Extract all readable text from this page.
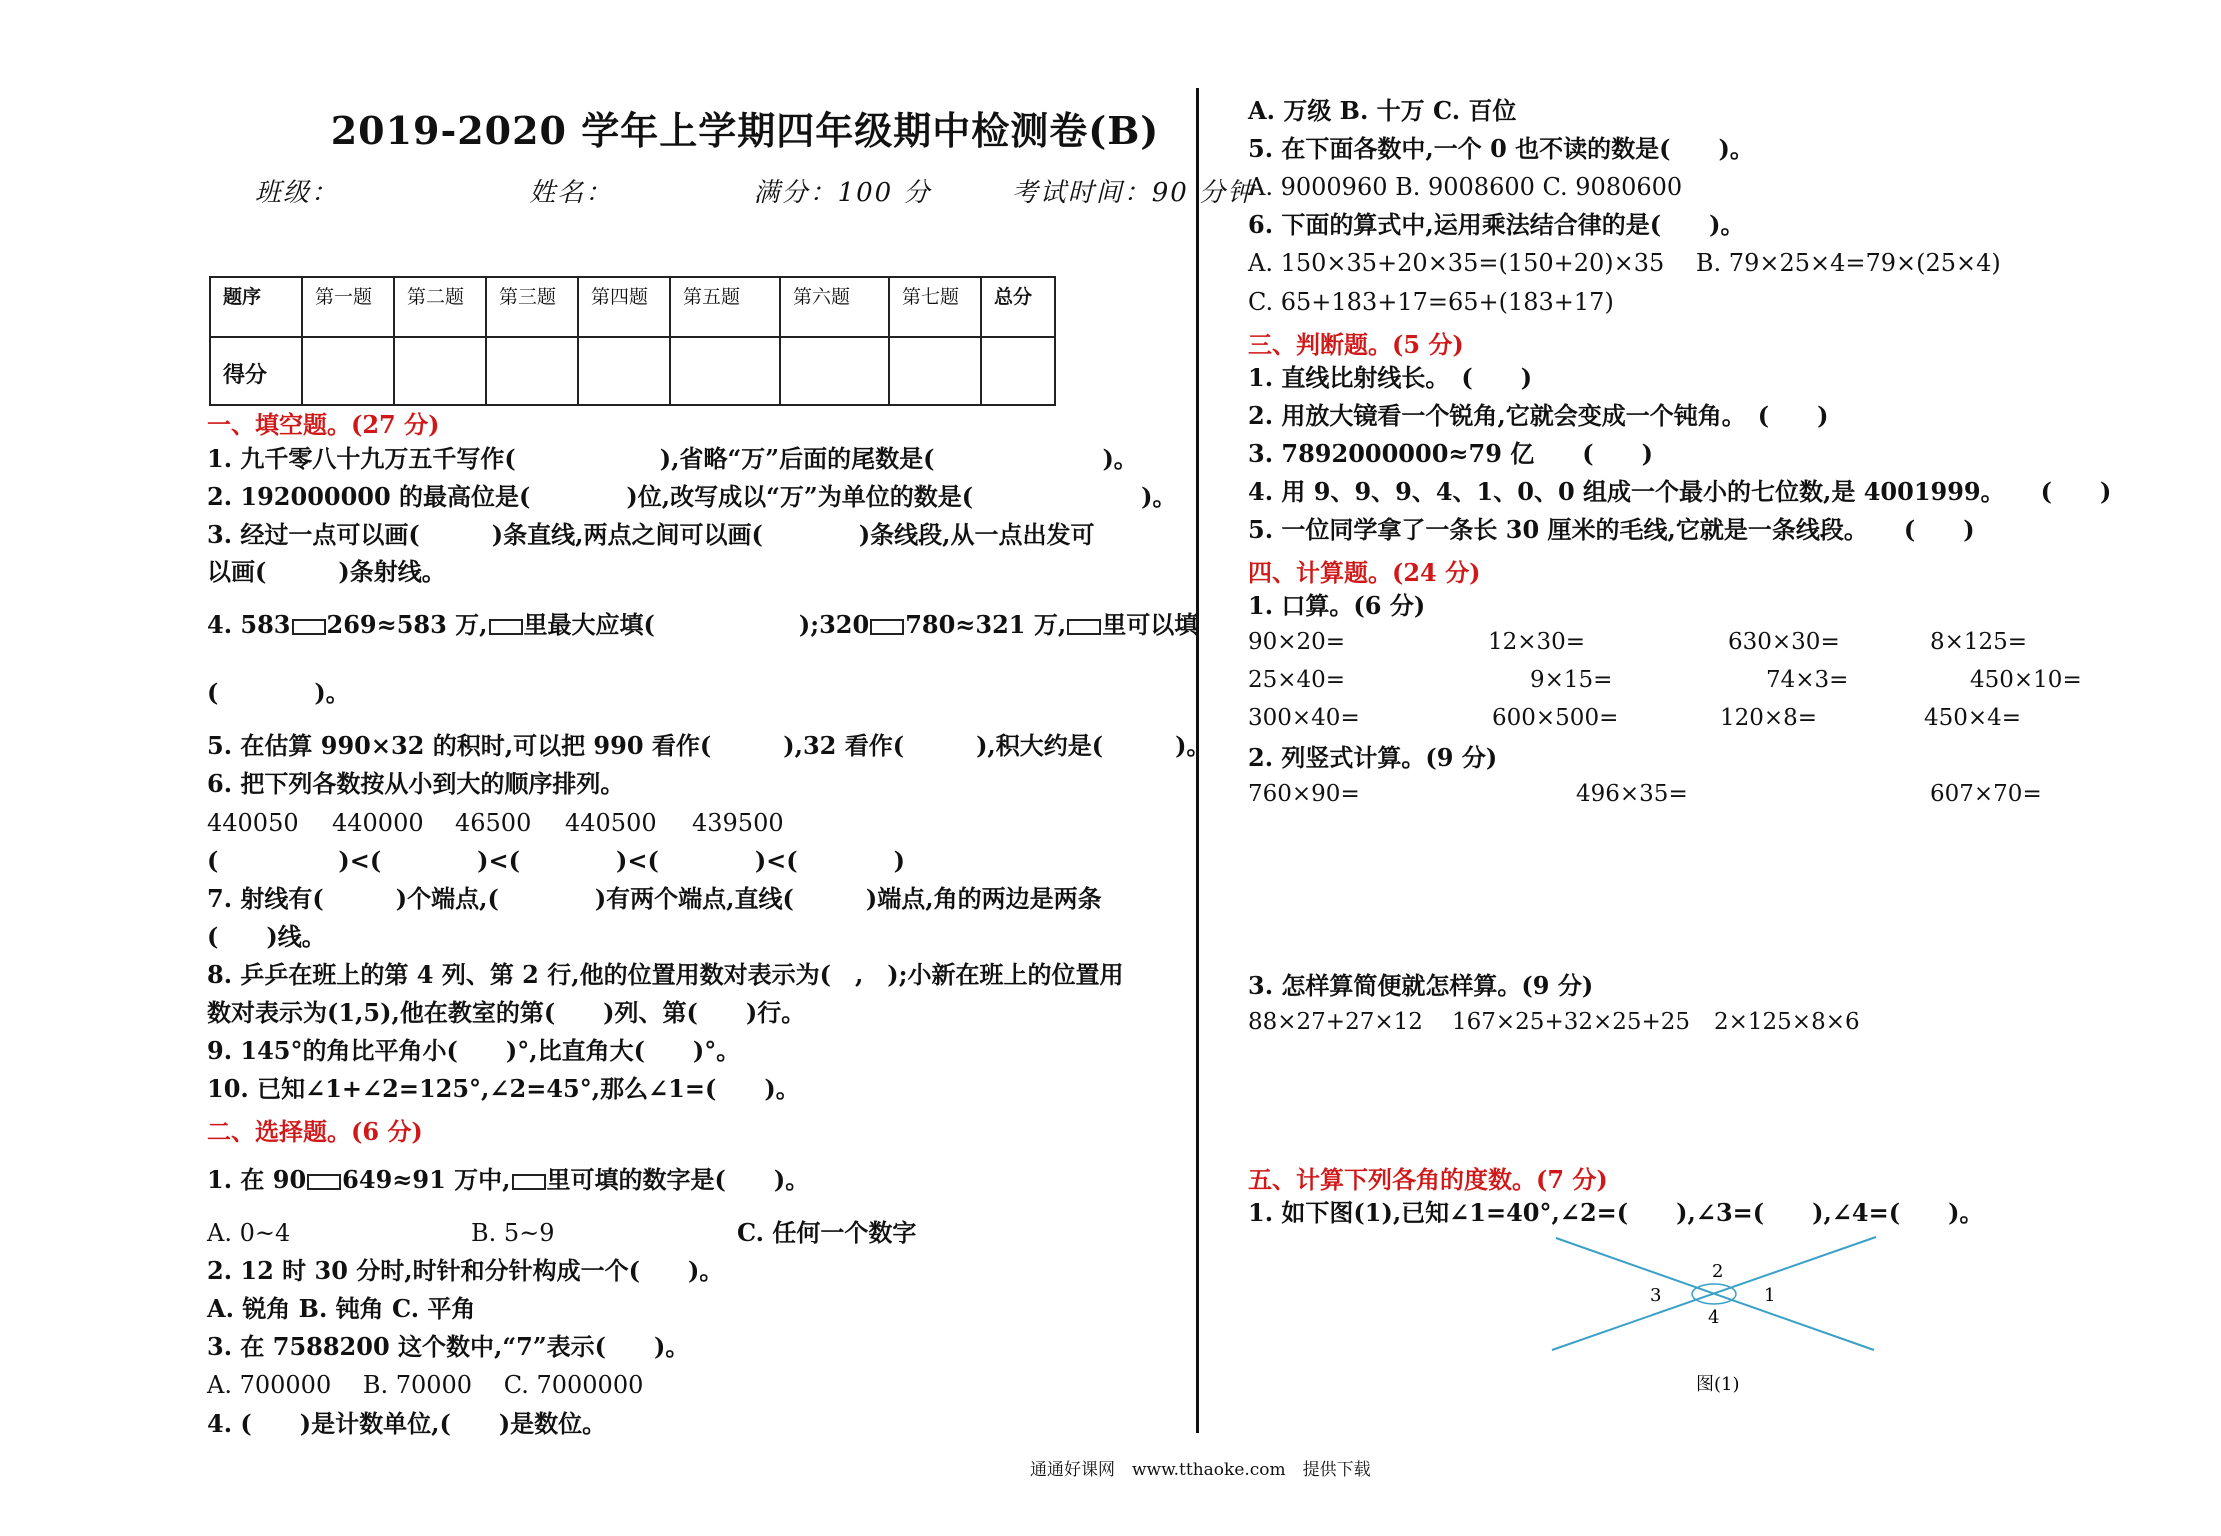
2019-2020 学年上学期四年级期中检测卷(B)
班级：	姓名：	满分：100 分	考试时间：90 分钟
题序	第一题	第二题	第三题	第四题	第五题	第六题	第七题	总分
得分								
一、填空题。(27 分)
1. 九千零八十九万五千写作(　　　　　　),省略“万”后面的尾数是(　　　　　　　)。
2. 192000000 的最高位是(　　　　)位,改写成以“万”为单位的数是(　　　　　　　)。
3. 经过一点可以画(　　　)条直线,两点之间可以画(　　　　)条线段,从一点出发可
以画(　　　)条射线。
4. 583 269≈583 万, 里最大应填(　　　　　　);320 780≈321 万, 里可以填
(　　　　)。
5. 在估算 990×32 的积时,可以把 990 看作(　　　),32 看作(　　　),积大约是(　　　)。
6. 把下列各数按从小到大的顺序排列。
440050 440000 46500 440500 439500
(　　　　　)<(　　　　)<(　　　　)<(　　　　)<(　　　　)
7. 射线有(　　　)个端点,(　　　　)有两个端点,直线(　　　)端点,角的两边是两条
(　　)线。
8. 乒乒在班上的第 4 列、第 2 行,他的位置用数对表示为(　,　);小新在班上的位置用
数对表示为(1,5),他在教室的第(　　)列、第(　　)行。
9. 145°的角比平角小(　　)°,比直角大(　　)°。
10. 已知∠1+∠2=125°,∠2=45°,那么∠1=(　　)。
二、选择题。(6 分)
1. 在 90 649≈91 万中, 里可填的数字是(　　)。
A. 0~4	B. 5~9	C. 任何一个数字
2. 12 时 30 分时,时针和分针构成一个(　　)。
A. 锐角 B. 钝角 C. 平角
3. 在 7588200 这个数中,“7”表示(　　)。
A. 700000　 B. 70000　 C. 7000000
4. (　　)是计数单位,(　　)是数位。
A. 万级 B. 十万 C. 百位
5. 在下面各数中,一个 0 也不读的数是(　　)。
A. 9000960 B. 9008600 C. 9080600
6. 下面的算式中,运用乘法结合律的是(　　)。
A. 150×35+20×35=(150+20)×35　 B. 79×25×4=79×(25×4)
C. 65+183+17=65+(183+17)
三、判断题。(5 分)
1. 直线比射线长。　(　　)
2. 用放大镜看一个锐角,它就会变成一个钝角。　(　　)
3. 7892000000≈79 亿　　(　　)
4. 用 9、9、9、4、1、0、0 组成一个最小的七位数,是 4001999。　　(　　)
5. 一位同学拿了一条长 30 厘米的毛线,它就是一条线段。　　(　　)
四、计算题。(24 分)
1. 口算。(6 分)
90×20=	12×30=	630×30=	8×125=
25×40=	9×15=	74×3=	450×10=
300×40=	600×500=	120×8=	450×4=
2. 列竖式计算。(9 分)
760×90=	496×35=	607×70=
3. 怎样算简便就怎样算。(9 分)
88×27+27×12 167×25+32×25+25 2×125×8×6
五、计算下列各角的度数。(7 分)
1. 如下图(1),已知∠1=40°,∠2=(　　),∠3=(　　),∠4=(　　)。
2
1
3
4
图(1)
通通好课网　www.tthaoke.com　提供下载
